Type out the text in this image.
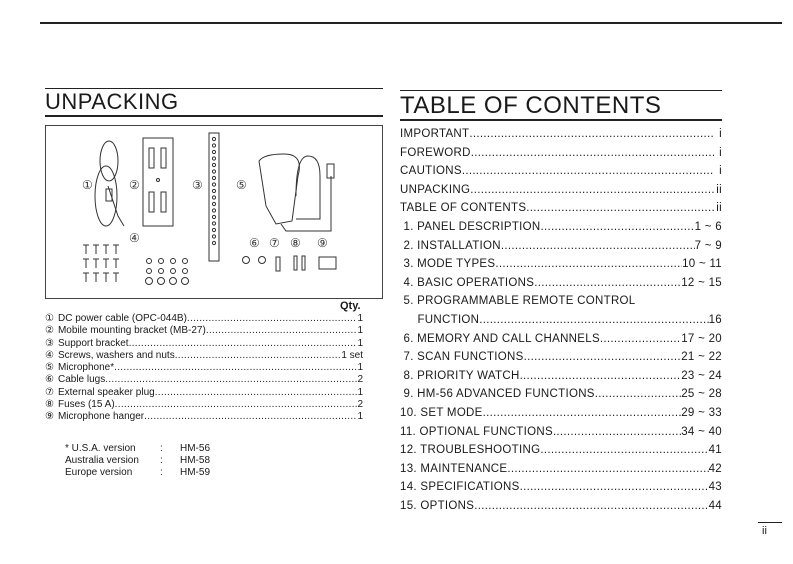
UNPACKING	TABLE OF CONTENTS
①	②	③
④
⑤
⑥ ⑦ ⑧ ⑨
Qty.
① DC power cable (OPC-044B) .....	1
② Mobile mounting bracket (MB-27) .....	1
③ Support bracket .....	1
④ Screws, washers and nuts .....	1 set
⑤ Microphone* .....	1
⑥ Cable lugs .....	2
⑦ External speaker plug .....	1
⑧ Fuses (15 A) .....	2
⑨ Microphone hanger .....	1
* U.S.A. version	:	HM-56
Australia version	:	HM-58
Europe version	:	HM-59
IMPORTANT .....	i
FOREWORD .....	i
CAUTIONS .....	i
UNPACKING .....	ii
TABLE OF CONTENTS .....	ii
1. PANEL DESCRIPTION .....	1 ~ 6
2. INSTALLATION .....	7 ~ 9
3. MODE TYPES .....	10 ~ 11
4. BASIC OPERATIONS .....	12 ~ 15
5. PROGRAMMABLE REMOTE CONTROL
FUNCTION .....	16
6. MEMORY AND CALL CHANNELS .....	17 ~ 20
7. SCAN FUNCTIONS .....	21 ~ 22
8. PRIORITY WATCH .....	23 ~ 24
9. HM-56 ADVANCED FUNCTIONS .....	25 ~ 28
10. SET MODE .....	29 ~ 33
11. OPTIONAL FUNCTIONS .....	34 ~ 40
12. TROUBLESHOOTING .....	41
13. MAINTENANCE .....	42
14. SPECIFICATIONS .....	43
15. OPTIONS .....	44
ii
